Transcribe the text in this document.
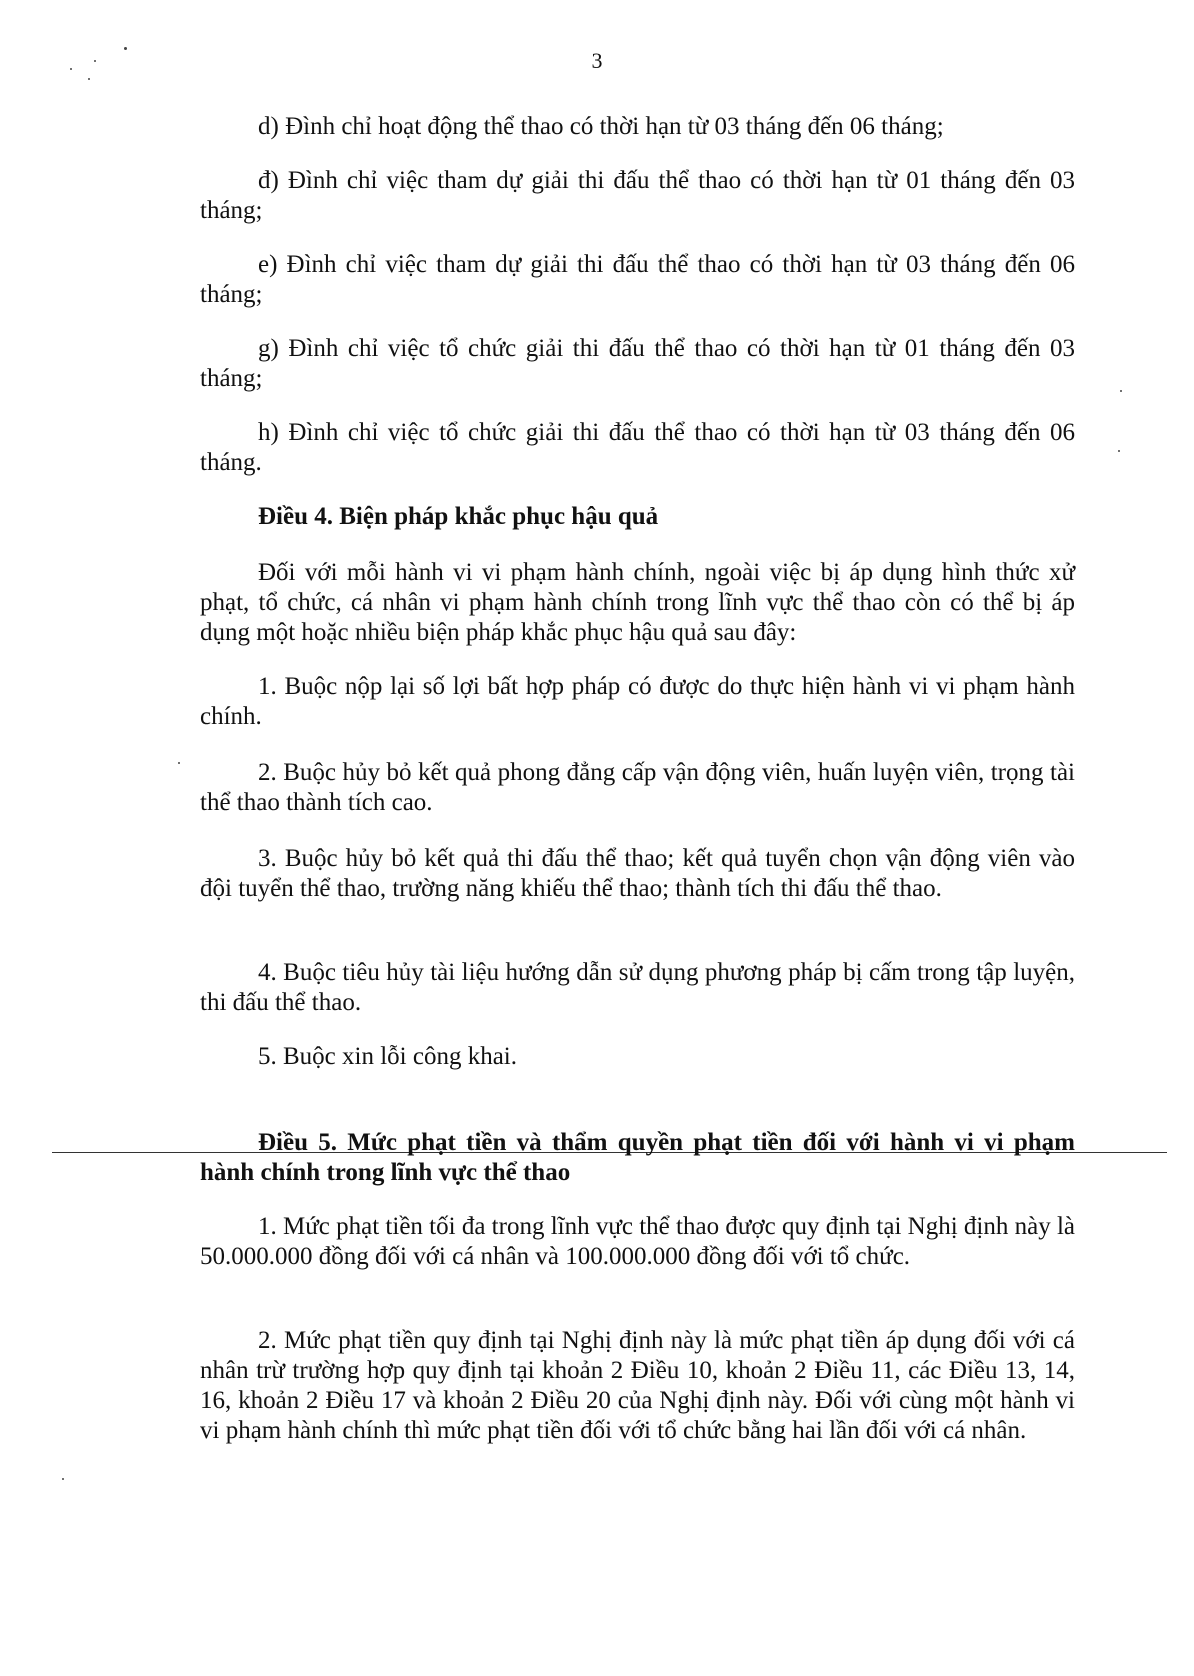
3
d) Đình chỉ hoạt động thể thao có thời hạn từ 03 tháng đến 06 tháng;
đ) Đình chỉ việc tham dự giải thi đấu thể thao có thời hạn từ 01 tháng đến 03 tháng;
e) Đình chỉ việc tham dự giải thi đấu thể thao có thời hạn từ 03 tháng đến 06 tháng;
g) Đình chỉ việc tổ chức giải thi đấu thể thao có thời hạn từ 01 tháng đến 03 tháng;
h) Đình chỉ việc tổ chức giải thi đấu thể thao có thời hạn từ 03 tháng đến 06 tháng.
Điều 4. Biện pháp khắc phục hậu quả
Đối với mỗi hành vi vi phạm hành chính, ngoài việc bị áp dụng hình thức xử phạt, tổ chức, cá nhân vi phạm hành chính trong lĩnh vực thể thao còn có thể bị áp dụng một hoặc nhiều biện pháp khắc phục hậu quả sau đây:
1. Buộc nộp lại số lợi bất hợp pháp có được do thực hiện hành vi vi phạm hành chính.
2. Buộc hủy bỏ kết quả phong đẳng cấp vận động viên, huấn luyện viên, trọng tài thể thao thành tích cao.
3. Buộc hủy bỏ kết quả thi đấu thể thao; kết quả tuyển chọn vận động viên vào đội tuyển thể thao, trường năng khiếu thể thao; thành tích thi đấu thể thao.
4. Buộc tiêu hủy tài liệu hướng dẫn sử dụng phương pháp bị cấm trong tập luyện, thi đấu thể thao.
5. Buộc xin lỗi công khai.
Điều 5. Mức phạt tiền và thẩm quyền phạt tiền đối với hành vi vi phạm hành chính trong lĩnh vực thể thao
1. Mức phạt tiền tối đa trong lĩnh vực thể thao được quy định tại Nghị định này là 50.000.000 đồng đối với cá nhân và 100.000.000 đồng đối với tổ chức.
2. Mức phạt tiền quy định tại Nghị định này là mức phạt tiền áp dụng đối với cá nhân trừ trường hợp quy định tại khoản 2 Điều 10, khoản 2 Điều 11, các Điều 13, 14, 16, khoản 2 Điều 17 và khoản 2 Điều 20 của Nghị định này. Đối với cùng một hành vi vi phạm hành chính thì mức phạt tiền đối với tổ chức bằng hai lần đối với cá nhân.
